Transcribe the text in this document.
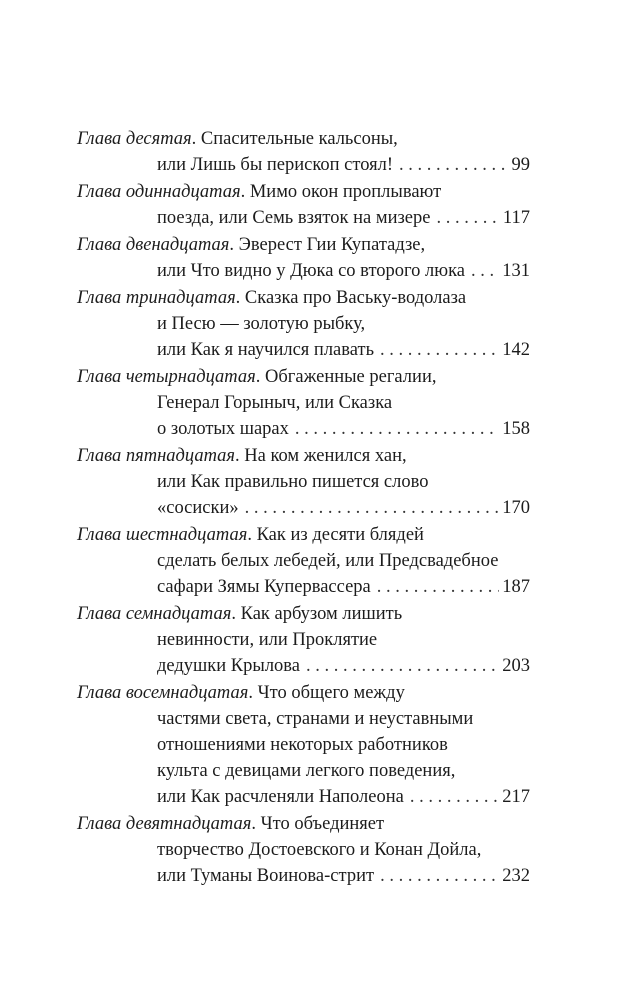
Глава десятая . Спасительные кальсоны,
или Лишь бы перископ стоял! . . .	99
Глава одиннадцатая . Мимо окон проплывают
поезда, или Семь взяток на мизере . . .	117
Глава двенадцатая . Эверест Гии Купатадзе,
или Что видно у Дюка со второго люка . . . 131
Глава тринадцатая . Сказка про Ваську-водолаза
и Песю — золотую рыбку,
или Как я научился плавать . . .	142
Глава четырнадцатая . Обгаженные регалии,
Генерал Горыныч, или Сказка
о золотых шарах . . .	158
Глава пятнадцатая . На ком женился хан,
или Как правильно пишется слово
«сосиски» . . .	170
Глава шестнадцатая . Как из десяти блядей
сделать белых лебедей, или Предсвадебное
сафари Зямы Купервассера . . .	187
Глава семнадцатая . Как арбузом лишить
невинности, или Проклятие
дедушки Крылова . . .	203
Глава восемнадцатая . Что общего между
частями света, странами и неуставными
отношениями некоторых работников
культа с девицами легкого поведения,
или Как расчленяли Наполеона . . .	217
Глава девятнадцатая . Что объединяет
творчество Достоевского и Конан Дойла,
или Туманы Воинова-стрит . . .	232
